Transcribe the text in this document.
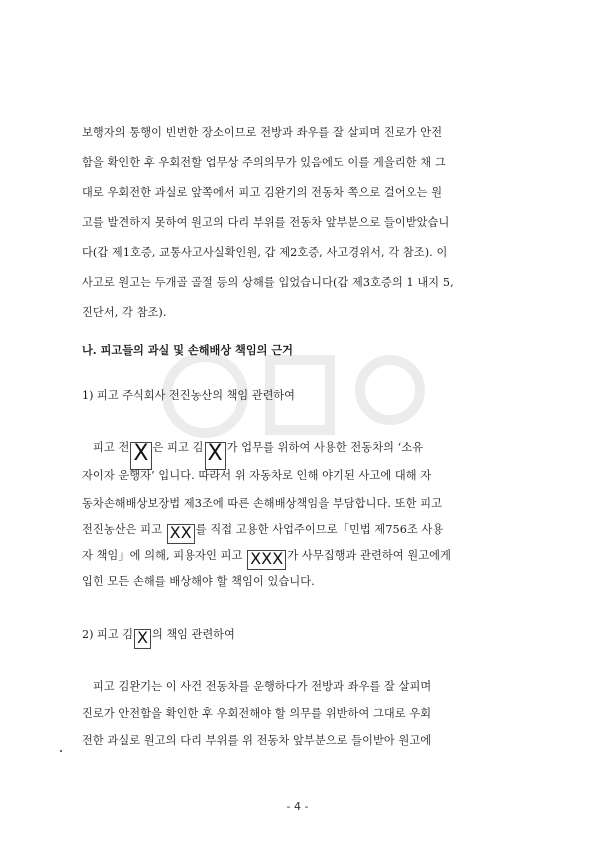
보행자의 통행이 빈번한 장소이므로 전방과 좌우를 잘 살피며 진로가 안전
함을 확인한 후 우회전할 업무상 주의의무가 있음에도 이를 게을리한 채 그
대로 우회전한 과실로 앞쪽에서 피고 김완기의 전동차 쪽으로 걸어오는 원
고를 발견하지 못하여 원고의 다리 부위를 전동차 앞부분으로 들이받았습니
다(갑 제1호증, 교통사고사실확인원, 갑 제2호증, 사고경위서, 각 참조). 이
사고로 원고는 두개골 골절 등의 상해를 입었습니다(갑 제3호증의 1 내지 5,
진단서, 각 참조).
나. 피고들의 과실 및 손해배상 책임의 근거
1) 피고 주식회사 전진농산의 책임 관련하여
피고 전 X 은 피고 김 X 가 업무를 위하여 사용한 전동차의 ‘소유
자이자 운행자’ 입니다. 따라서 위 자동차로 인해 야기된 사고에 대해 자
동차손해배상보장법 제3조에 따른 손해배상책임을 부담합니다. 또한 피고
전진농산은 피고 XX 를 직접 고용한 사업주이므로「민법 제756조 사용
자 책임」에 의해, 피용자인 피고 XXX 가 사무집행과 관련하여 원고에게
입힌 모든 손해를 배상해야 할 책임이 있습니다.
2) 피고 김 X 의 책임 관련하여
피고 김완기는 이 사건 전동차를 운행하다가 전방과 좌우를 잘 살피며
진로가 안전함을 확인한 후 우회전해야 할 의무를 위반하여 그대로 우회
전한 과실로 원고의 다리 부위를 위 전동차 앞부분으로 들이받아 원고에
- 4 -
